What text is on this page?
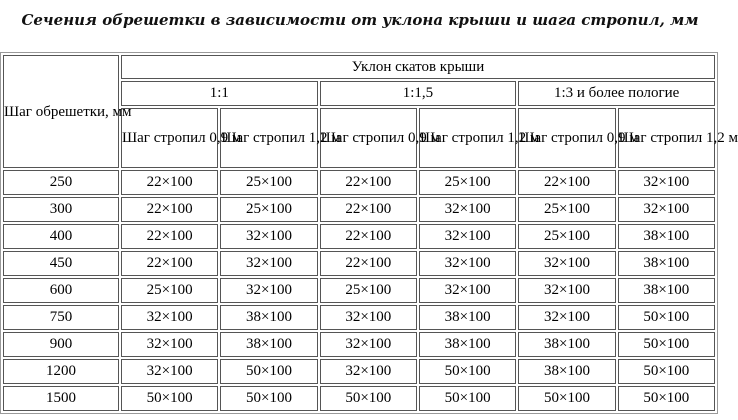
Сечения обрешетки в зависимости от уклона крыши и шага стропил, мм
Шаг обрешетки, мм	Уклон скатов крыши					
	1:1		1:1,5		1:3 и более пологие	
	Шаг стропил 0,9 м	Шаг стропил 1,2 м	Шаг стропил 0,9 м	Шаг стропил 1,2 м	Шаг стропил 0,9 м	Шаг стропил 1,2 м
250	22×100	25×100	22×100	25×100	22×100	32×100
300	22×100	25×100	22×100	32×100	25×100	32×100
400	22×100	32×100	22×100	32×100	25×100	38×100
450	22×100	32×100	22×100	32×100	32×100	38×100
600	25×100	32×100	25×100	32×100	32×100	38×100
750	32×100	38×100	32×100	38×100	32×100	50×100
900	32×100	38×100	32×100	38×100	38×100	50×100
1200	32×100	50×100	32×100	50×100	38×100	50×100
1500	50×100	50×100	50×100	50×100	50×100	50×100
